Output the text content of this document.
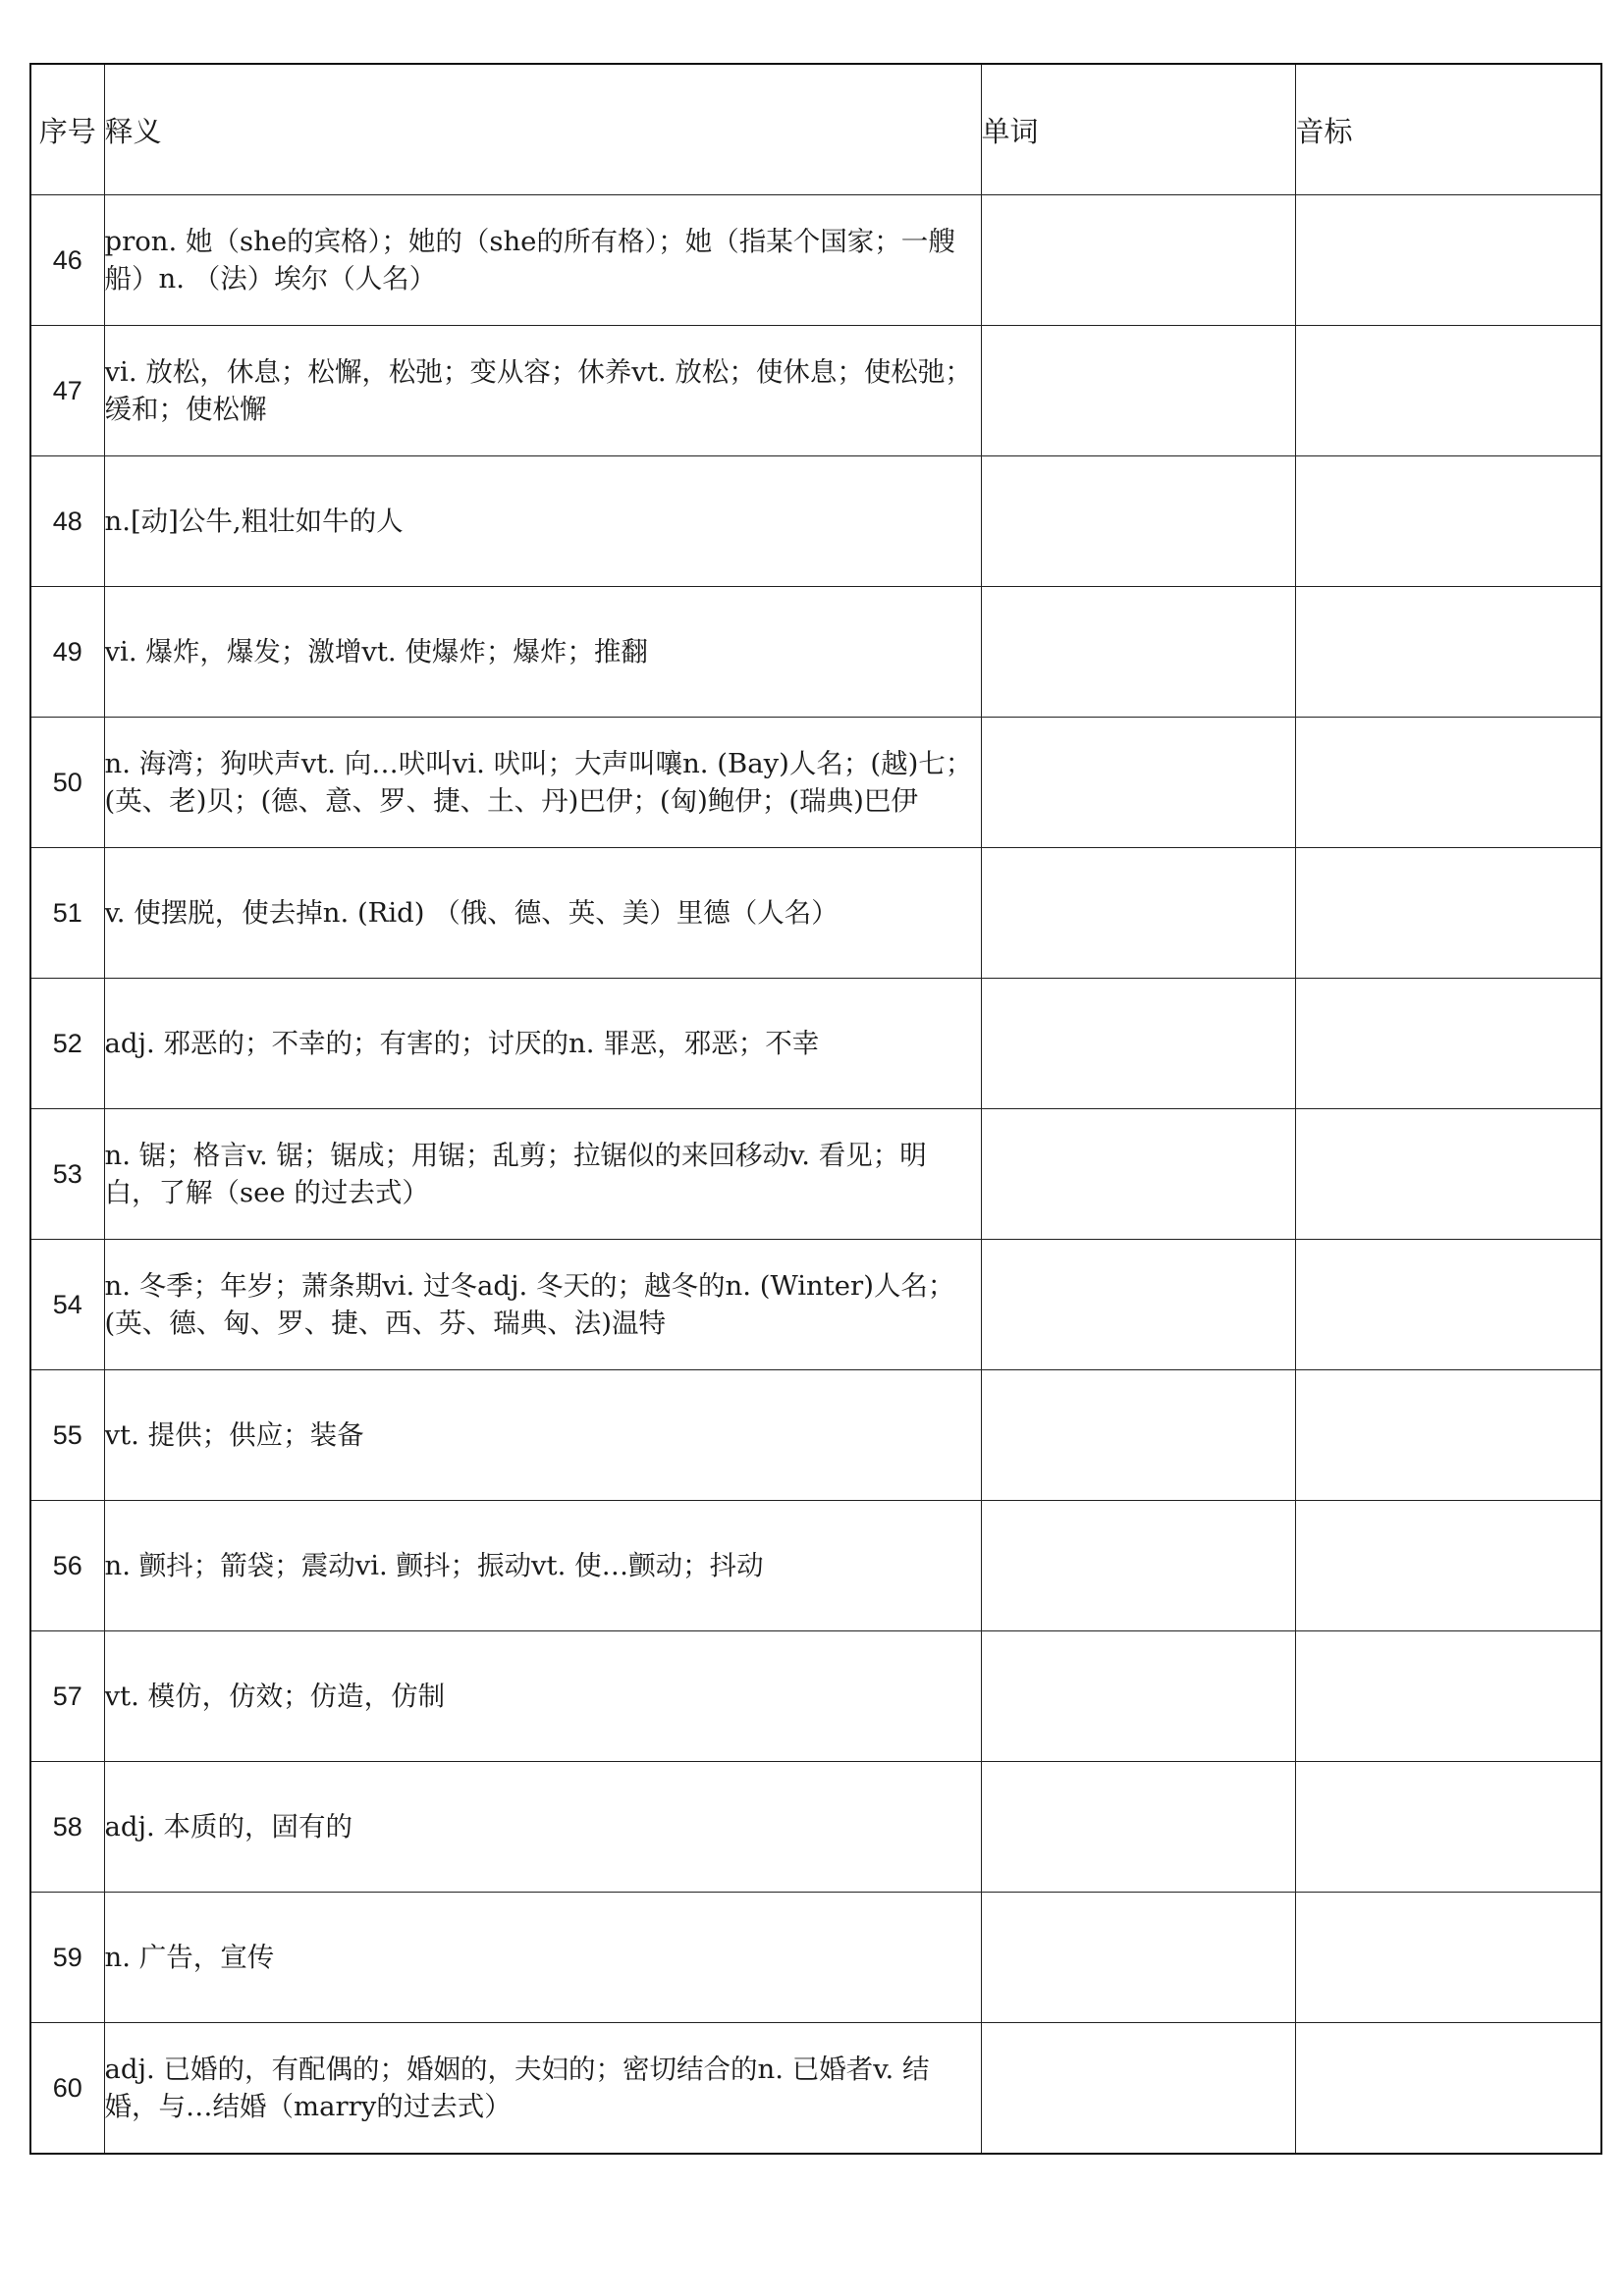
序号	释义	单词	音标
46	pron. 她（she的宾格）；她的（she的所有格）；她（指某个国家；一艘船）n. （法）埃尔（人名）		
47	vi. 放松，休息；松懈，松弛；变从容；休养vt. 放松；使休息；使松弛；缓和；使松懈		
48	n.[动]公牛,粗壮如牛的人		
49	vi. 爆炸，爆发；激增vt. 使爆炸；爆炸；推翻		
50	n. 海湾；狗吠声vt. 向…吠叫vi. 吠叫；大声叫嚷n. (Bay)人名；(越)七；(英、老)贝；(德、意、罗、捷、土、丹)巴伊；(匈)鲍伊；(瑞典)巴伊		
51	v. 使摆脱，使去掉n. (Rid) （俄、德、英、美）里德（人名）		
52	adj. 邪恶的；不幸的；有害的；讨厌的n. 罪恶，邪恶；不幸		
53	n. 锯；格言v. 锯；锯成；用锯；乱剪；拉锯似的来回移动v. 看见；明白，了解（see 的过去式）		
54	n. 冬季；年岁；萧条期vi. 过冬adj. 冬天的；越冬的n. (Winter)人名；(英、德、匈、罗、捷、西、芬、瑞典、法)温特		
55	vt. 提供；供应；装备		
56	n. 颤抖；箭袋；震动vi. 颤抖；振动vt. 使…颤动；抖动		
57	vt. 模仿，仿效；仿造，仿制		
58	adj. 本质的，固有的		
59	n. 广告，宣传		
60	adj. 已婚的，有配偶的；婚姻的，夫妇的；密切结合的n. 已婚者v. 结婚，与…结婚（marry的过去式）		
